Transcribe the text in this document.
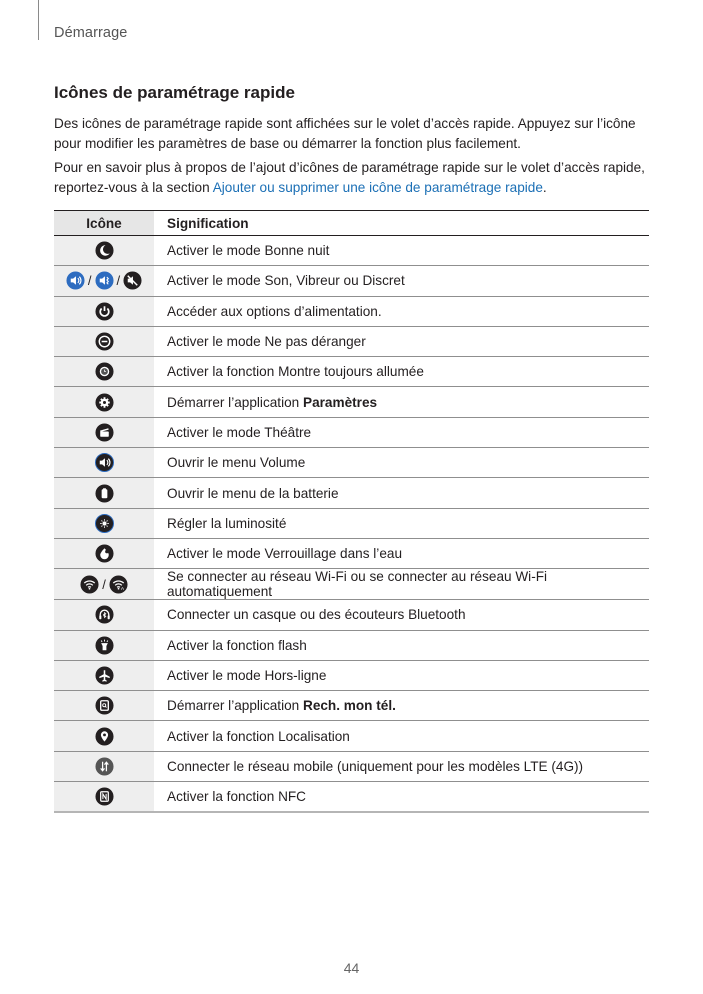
Démarrage
Icônes de paramétrage rapide

Des icônes de paramétrage rapide sont affichées sur le volet d’accès rapide. Appuyez sur l’icône pour modifier les paramètres de base ou démarrer la fonction plus facilement.

Pour en savoir plus à propos de l’ajout d’icônes de paramétrage rapide sur le volet d’accès rapide, reportez-vous à la section Ajouter ou supprimer une icône de paramétrage rapide.

Icône	Signification
	Activer le mode Bonne nuit
/ /	Activer le mode Son, Vibreur ou Discret
	Accéder aux options d’alimentation.
	Activer le mode Ne pas déranger
	Activer la fonction Montre toujours allumée
	Démarrer l’application Paramètres
	Activer le mode Théâtre
	Ouvrir le menu Volume
	Ouvrir le menu de la batterie
	Régler la luminosité
	Activer le mode Verrouillage dans l’eau
/ A	Se connecter au réseau Wi-Fi ou se connecter au réseau Wi-Fi automatiquement
	Connecter un casque ou des écouteurs Bluetooth
	Activer la fonction flash
	Activer le mode Hors-ligne
	Démarrer l’application Rech. mon tél.
	Activer la fonction Localisation
	Connecter le réseau mobile (uniquement pour les modèles LTE (4G))
	Activer la fonction NFC
44
